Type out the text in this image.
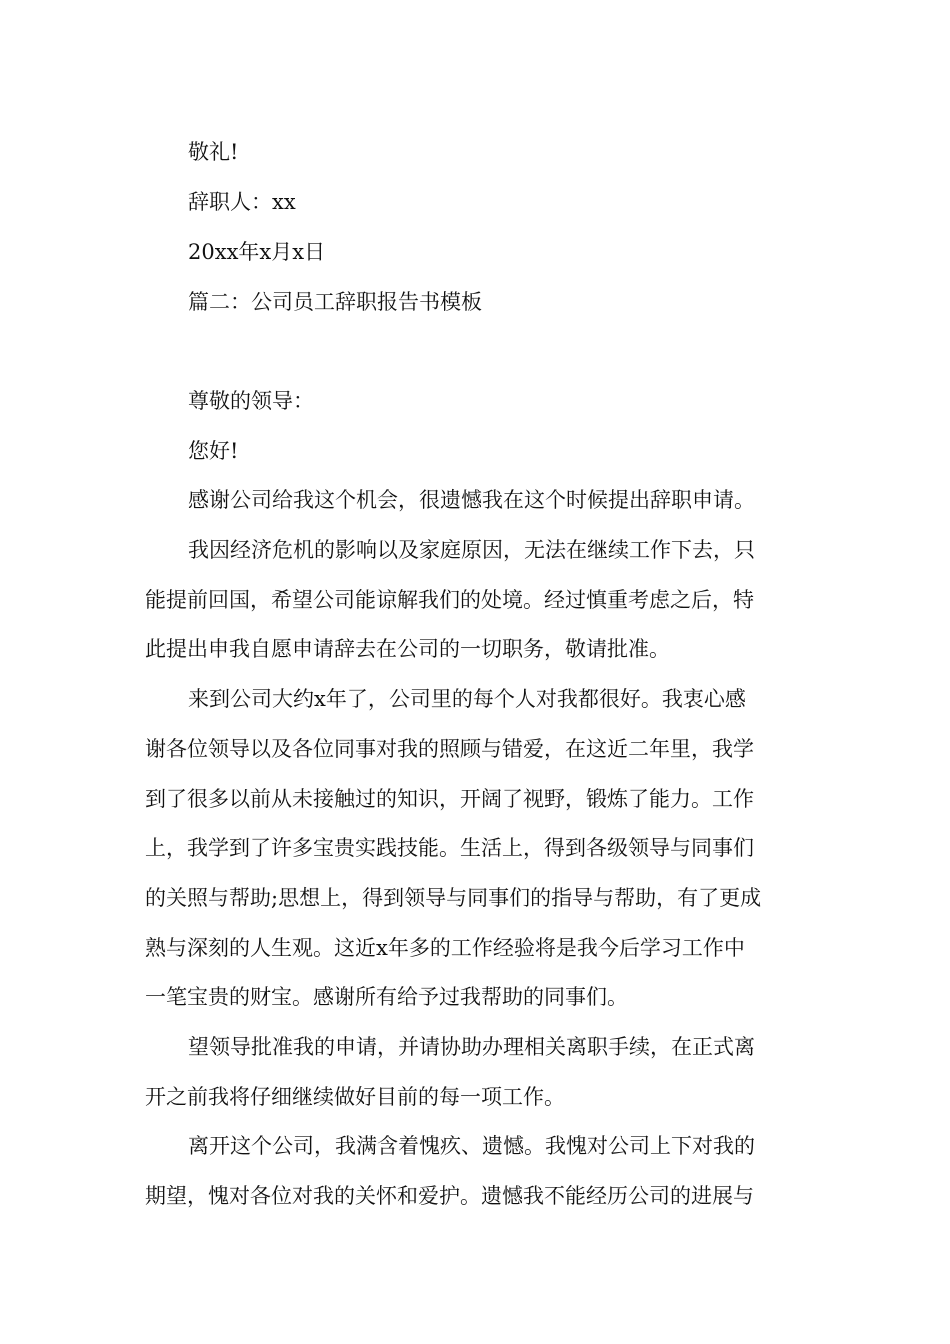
敬礼!
辞职人：xx
20xx年x月x日
篇二：公司员工辞职报告书模板
尊敬的领导：
您好!
感谢公司给我这个机会，很遗憾我在这个时候提出辞职申请。
我因经济危机的影响以及家庭原因，无法在继续工作下去，只
能提前回国，希望公司能谅解我们的处境。经过慎重考虑之后，特
此提出申我自愿申请辞去在公司的一切职务，敬请批准。
来到公司大约x年了，公司里的每个人对我都很好。我衷心感
谢各位领导以及各位同事对我的照顾与错爱，在这近二年里，我学
到了很多以前从未接触过的知识，开阔了视野，锻炼了能力。工作
上，我学到了许多宝贵实践技能。生活上，得到各级领导与同事们
的关照与帮助;思想上，得到领导与同事们的指导与帮助，有了更成
熟与深刻的人生观。这近x年多的工作经验将是我今后学习工作中
一笔宝贵的财宝。感谢所有给予过我帮助的同事们。
望领导批准我的申请，并请协助办理相关离职手续，在正式离
开之前我将仔细继续做好目前的每一项工作。
离开这个公司，我满含着愧疚、遗憾。我愧对公司上下对我的
期望，愧对各位对我的关怀和爱护。遗憾我不能经历公司的进展与
